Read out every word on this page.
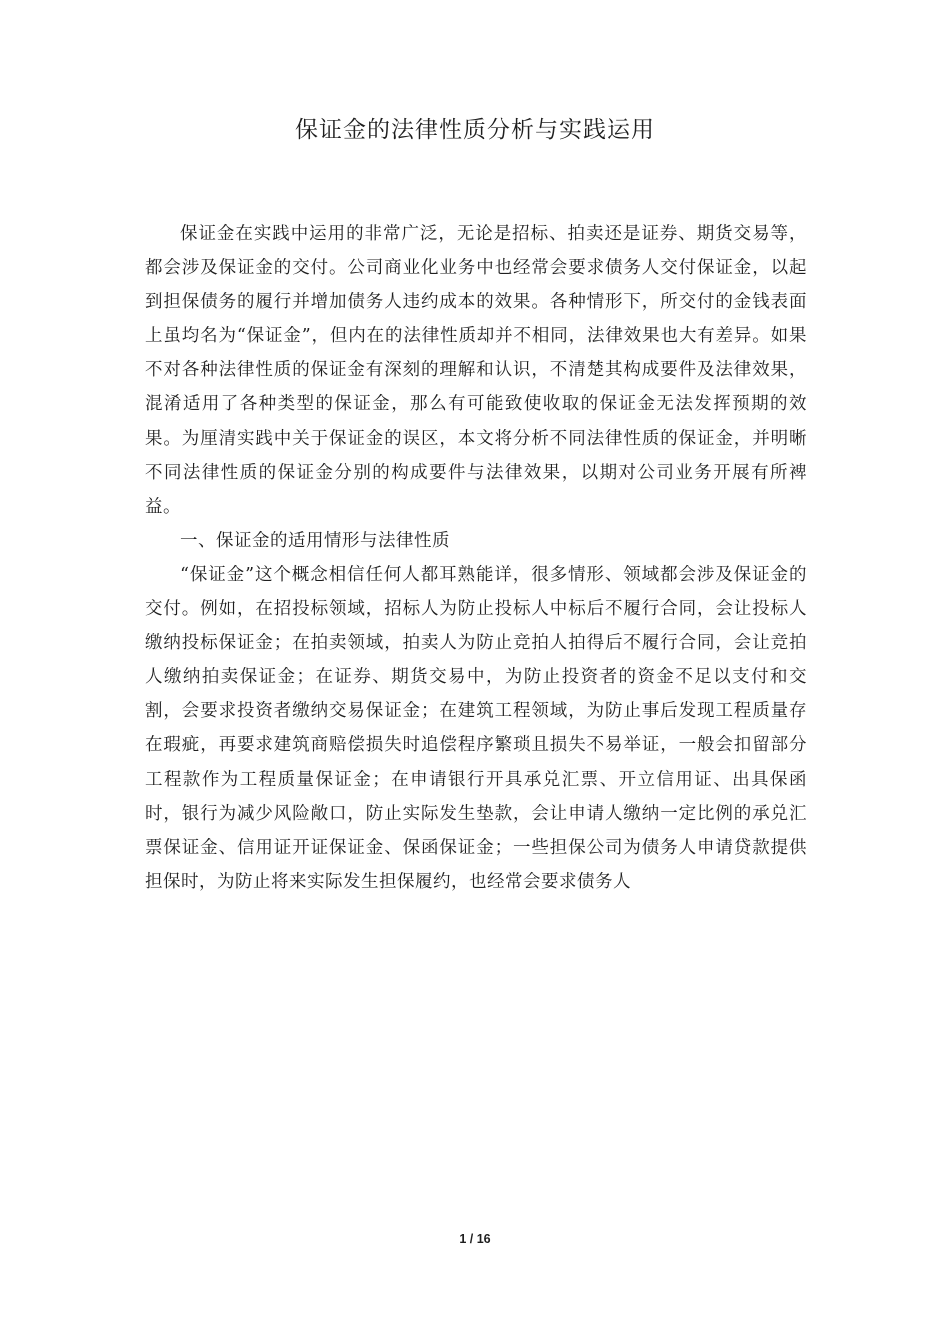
保证金的法律性质分析与实践运用

保证金在实践中运用的非常广泛，无论是招标、拍卖还是证券、期货交易等，都会涉及保证金的交付。公司商业化业务中也经常会要求债务人交付保证金，以起到担保债务的履行并增加债务人违约成本的效果。各种情形下，所交付的金钱表面上虽均名为“保证金”，但内在的法律性质却并不相同，法律效果也大有差异。如果不对各种法律性质的保证金有深刻的理解和认识，不清楚其构成要件及法律效果，混淆适用了各种类型的保证金，那么有可能致使收取的保证金无法发挥预期的效果。为厘清实践中关于保证金的误区，本文将分析不同法律性质的保证金，并明晰不同法律性质的保证金分别的构成要件与法律效果，以期对公司业务开展有所裨益。

一、保证金的适用情形与法律性质

“保证金”这个概念相信任何人都耳熟能详，很多情形、领域都会涉及保证金的交付。例如，在招投标领域，招标人为防止投标人中标后不履行合同，会让投标人缴纳投标保证金；在拍卖领域，拍卖人为防止竞拍人拍得后不履行合同，会让竞拍人缴纳拍卖保证金；在证券、期货交易中，为防止投资者的资金不足以支付和交割，会要求投资者缴纳交易保证金；在建筑工程领域，为防止事后发现工程质量存在瑕疵，再要求建筑商赔偿损失时追偿程序繁琐且损失不易举证，一般会扣留部分工程款作为工程质量保证金；在申请银行开具承兑汇票、开立信用证、出具保函时，银行为减少风险敞口，防止实际发生垫款，会让申请人缴纳一定比例的承兑汇票保证金、信用证开证保证金、保函保证金；一些担保公司为债务人申请贷款提供担保时，为防止将来实际发生担保履约，也经常会要求债务人

1 / 16
